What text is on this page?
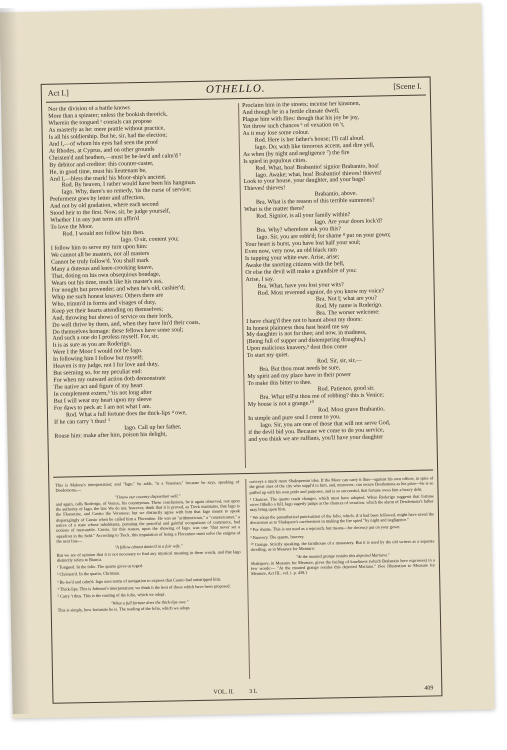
Act I.]	OTHELLO.	[Scene I.
Nor the division of a battle knows
More than a spinster; unless the bookish theorick,
Wherein the tongued ¹ consuls can propose
As masterly as he: mere prattle without practice,
Is all his soldiership. But he, sir, had the election;
And I,—of whom his eyes had seen the proof
At Rhodes, at Cyprus, and on other grounds
Christen'd and heathen,—must be be-lee'd and calm'd ²
By debitor and creditor: this counter-caster,
He, in good time, must his lieutenant be,
And I,—bless the mark! his Moor-ship's ancient.
Rod. By heaven, I rather would have been his hangman.
Iago. Why, there's no remedy, 'tis the curse of service;
Preferment goes by letter and affection,
And not by old gradation, where each second
Stood heir to the first. Now, sir, be judge yourself,
Whether I in any just term am affin'd
To love the Moor.
Rod. I would not follow him then.
Iago. O sir, content you;
I follow him to serve my turn upon him:
We cannot all be masters, nor all masters
Cannot be truly follow'd. You shall mark
Many a duteous and knee-crooking knave,
That, doting on his own obsequious bondage,
Wears out his time, much like his master's ass,
For nought but provender; and when he's old, cashier'd;
Whip me such honest knaves: Others there are
Who, trimm'd in forms and visages of duty,
Keep yet their hearts attending on themselves;
And, throwing but shows of service on their lords,
Do well thrive by them, and, when they have lin'd their coats,
Do themselves homage: these fellows have some soul;
And such a one do I profess myself. For, sir,
It is as sure as you are Roderigo,
Were I the Moor I would not be Iago.
In following him I follow but myself;
Heaven is my judge, not I for love and duty,
But seeming so, for my peculiar end:
For when my outward action doth demonstrate
The native act and figure of my heart
In complement extern,³ 'tis not long after
But I will wear my heart upon my sleeve
For daws to peck at: I am not what I am.
Rod. What a full fortune does the thick-lips ⁴ owe,
If he can carry 't thus! ⁵
Iago. Call up her father,
Rouse him: make after him, poison his delight,
Proclaim him in the streets; incense her kinsmen,
And though he in a fertile climate dwell,
Plague him with flies: though that his joy be joy,
Yet throw such chances ⁶ of vexation on 't,
As it may lose some colour.
Rod. Here is her father's house; I'll call aloud.
Iago. Do; with like timorous accent, and dire yell,
As when (by night and negligence ⁷) the fire
Is spied in populous cities.
Rod. What, hoa! Brabantio! signior Brabantio, hoa!
Iago. Awake; what, hoa! Brabantio! thieves! thieves!
Look to your house, your daughter, and your bags!
Thieves! thieves!
Brabantio, above.
Bra. What is the reason of this terrible summons?
What is the matter there?
Rod. Signior, is all your family within?
Iago. Are your doors lock'd?
Bra. Why? wherefore ask you this?
Iago. Sir, you are robb'd; for shame ⁸ put on your gown;
Your heart is burst, you have lost half your soul;
Even now, very now, an old black ram
Is tupping your white ewe. Arise, arise;
Awake the snorting citizens with the bell,
Or else the devil will make a grandsire of you:
Arise, I say.
Bra. What, have you lost your wits?
Rod. Most reverend signior, do you know my voice?
Bra. Not I; what are you?
Rod. My name is Roderigo.
Bra. The worser welcome:
I have charg'd thee not to haunt about my doors:
In honest plainness thou hast heard me say
My daughter is not for thee; and now, in madness,
(Being full of supper and distempering draughts,)
Upon malicious knavery,⁹ dost thou come
To start my quiet.
Rod. Sir, sir, sir,—
Bra. But thou must needs be sure,
My spirit and my place have in their power
To make this bitter to thee.
Rod. Patience, good sir.
Bra. What tell'st thou me of robbing? this is Venice;
My house is not a grange.¹⁰
Rod. Most grave Brabantio,
In simple and pure soul I come to you.
Iago. Sir, you are one of those that will not serve God,
if the devil bid you. Because we come to do you service,
and you think we are ruffians, you'll have your daughter
This is Malone's interpretation; and "Iago," he adds, "is a Venetian," because he says, speaking of Desdemona,—
"I know our country disposition well."
and again, calls Roderigo, of Venice, his countryman. These conclusions, be it again observed, rest upon the authority of Iago, the liar. We do not, however, think that it is proved, as Tieck maintains, that Iago is the Florentine, and Cassio the Veronese; but we distinctly agree with him that Iago meant to speak disparagingly of Cassio when he called him a Florentine. He was an "arithmetician," a "countercaster," a native of a state whose inhabitants, pursuing the peaceful and gainful occupations of commerce, had notions of mercantile. Cassio, for this reason, upon the showing of Iago, was one "that never set a squadron in the field." According to Tieck, this imputation of being a Florentine must solve the enigma of the next line—
"A fellow almost damn'd in a fair wife."
But we are of opinion that it is not necessary to find any mystical meaning in these words, and that Iago distinctly refers to Bianca.
¹ Tongued. In the folio. The quarto gives us toged.
² Christen'd. In the quarto, Christian.
³ Be-lee'd and calm'd. Iago uses terms of navigation to express that Cassio had outstripped him.
⁴ Thick-lips. This is Johnson's interpretation; we think it the best of those which have been proposed.
⁵ Carry 't thus. This is the reading of the folio, which we adopt.
"What a full fortune does the thick-lips owe."
This is simply, how fortunate he is. The reading of the folio, which we adopt.
conveys a much more Shaksperean idea. If the Moor can carry it thus—against his own officer, in spite of the great ones of the city who suppl'd to him, and, moreover, can secure Desdemona as his prize—he is so puffed up with his own pride and purposes, and is so successful, that fortune owes him a heavy debt.
⁶ Chances. The quarto reads changes, which most have adopted. When Roderigo suggests that fortune owes Othello a full, Iago eagerly jumps at the chances of vexation, which the alarm of Desdemona's father may bring upon him.
⁷ We adopt the parenthetical punctuation of the folio, which, if it had been followed, might have saved the discussion as to Shakspere's carelessness in making the fire spied "by night and negligence."
⁸ For shame. This is not used as a reproach, but means—for decency put on your gown.
⁹ Knavery. The quarto, bravery.
¹⁰ Grange. Strictly speaking, the farmhouse of a monastery. But it is used by the old writers as a separate dwelling, as in Measure for Measure:
"At the moated grange resides this dejected Mariana."
Shakspere, in Measure for Measure, gives the feeling of loneliness (which Brabantio here expresses) in a few words:— "At the moated grange resides this dejected Mariana." (See Illustration to Measure for Measure, Act III., vol. i. p. 438.)
VOL. II. 3 L
409
